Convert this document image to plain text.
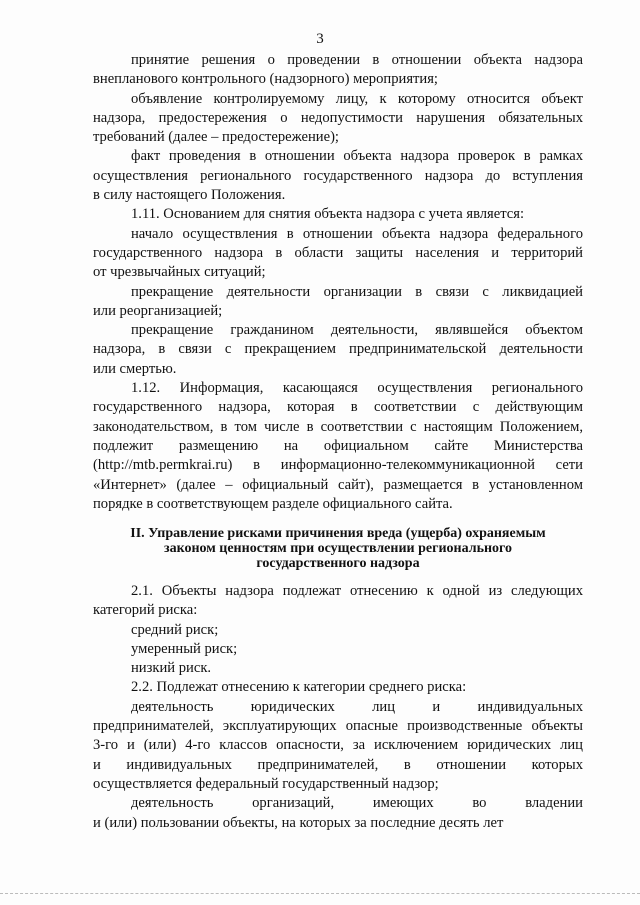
3
принятие решения о проведении в отношении объекта надзора
внепланового контрольного (надзорного) мероприятия;
объявление контролируемому лицу, к которому относится объект
надзора, предостережения о недопустимости нарушения обязательных
требований (далее – предостережение);
факт проведения в отношении объекта надзора проверок в рамках
осуществления регионального государственного надзора до вступления
в силу настоящего Положения.
1.11. Основанием для снятия объекта надзора с учета является:
начало осуществления в отношении объекта надзора федерального
государственного надзора в области защиты населения и территорий
от чрезвычайных ситуаций;
прекращение деятельности организации в связи с ликвидацией
или реорганизацией;
прекращение гражданином деятельности, являвшейся объектом
надзора, в связи с прекращением предпринимательской деятельности
или смертью.
1.12. Информация, касающаяся осуществления регионального
государственного надзора, которая в соответствии с действующим
законодательством, в том числе в соответствии с настоящим Положением,
подлежит размещению на официальном сайте Министерства
(http://mtb.permkrai.ru) в информационно-телекоммуникационной сети
«Интернет» (далее – официальный сайт), размещается в установленном
порядке в соответствующем разделе официального сайта.
II. Управление рисками причинения вреда (ущерба) охраняемым
законом ценностям при осуществлении регионального
государственного надзора
2.1. Объекты надзора подлежат отнесению к одной из следующих
категорий риска:
средний риск;
умеренный риск;
низкий риск.
2.2. Подлежат отнесению к категории среднего риска:
деятельность юридических лиц и индивидуальных
предпринимателей, эксплуатирующих опасные производственные объекты
3-го и (или) 4-го классов опасности, за исключением юридических лиц
и индивидуальных предпринимателей, в отношении которых
осуществляется федеральный государственный надзор;
деятельность организаций, имеющих во владении
и (или) пользовании объекты, на которых за последние десять лет
